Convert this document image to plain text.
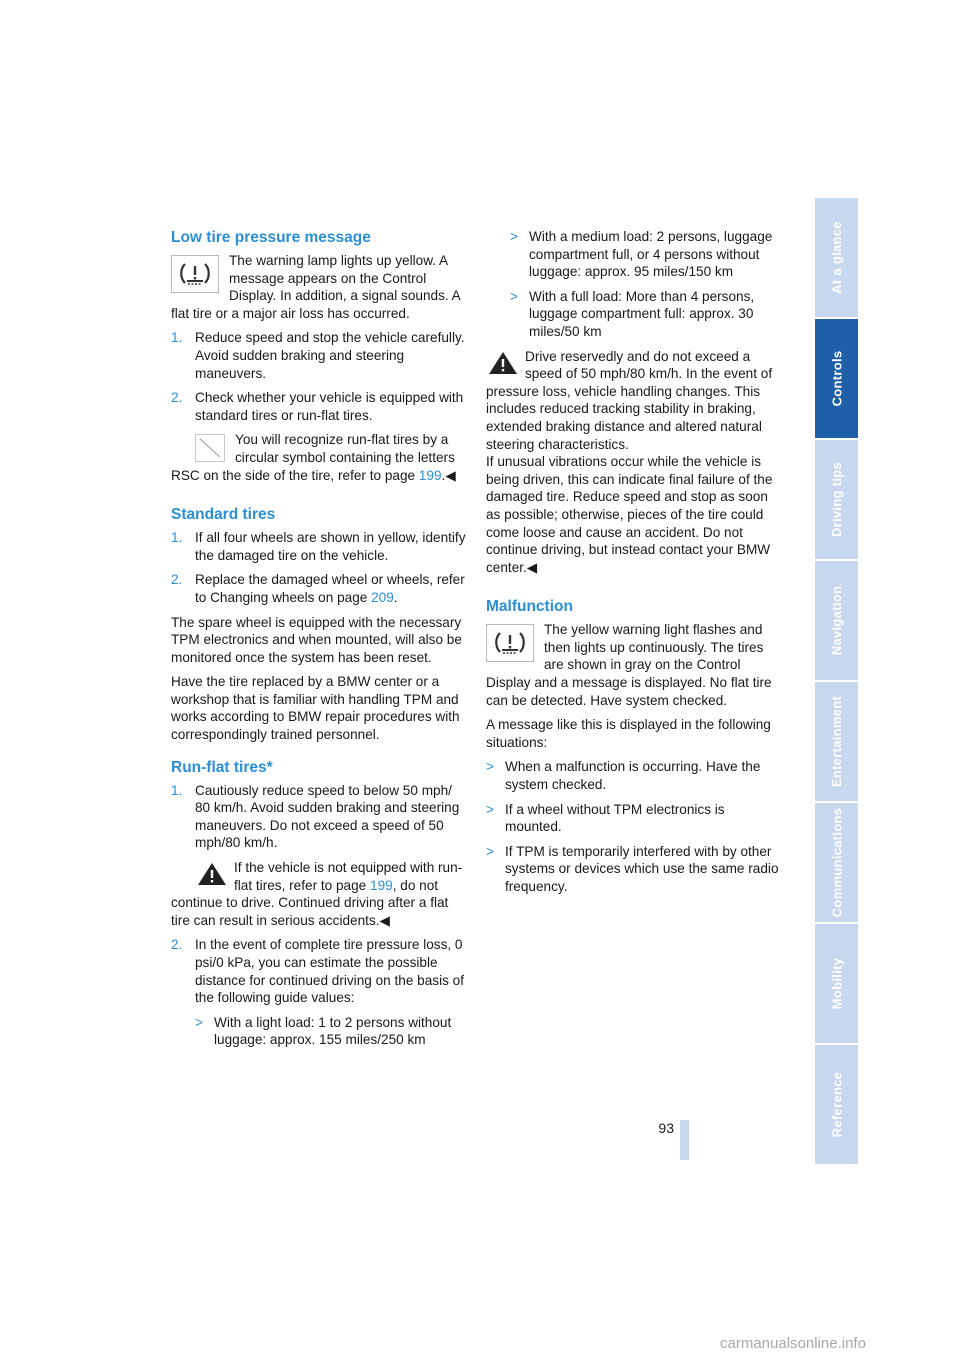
Low tire pressure message

The warning lamp lights up yellow. A message appears on the Control Display. In addition, a signal sounds. A flat tire or a major air loss has occurred.

1. Reduce speed and stop the vehicle carefully. Avoid sudden braking and steering maneuvers.
2. Check whether your vehicle is equipped with standard tires or run-flat tires.

You will recognize run-flat tires by a circular symbol containing the letters RSC on the side of the tire, refer to page 199.◀

Standard tires
1. If all four wheels are shown in yellow, identify the damaged tire on the vehicle.
2. Replace the damaged wheel or wheels, refer to Changing wheels on page 209.

The spare wheel is equipped with the necessary TPM electronics and when mounted, will also be monitored once the system has been reset.

Have the tire replaced by a BMW center or a workshop that is familiar with handling TPM and works according to BMW repair procedures with correspondingly trained personnel.

Run-flat tires*
1. Cautiously reduce speed to below 50 mph/ 80 km/h. Avoid sudden braking and steering maneuvers. Do not exceed a speed of 50 mph/80 km/h.

If the vehicle is not equipped with run-flat tires, refer to page 199, do not continue to drive. Continued driving after a flat tire can result in serious accidents.◀

2. In the event of complete tire pressure loss, 0 psi/0 kPa, you can estimate the possible distance for continued driving on the basis of the following guide values:
> With a light load: 1 to 2 persons without luggage: approx. 155 miles/250 km
> With a medium load: 2 persons, luggage compartment full, or 4 persons without luggage: approx. 95 miles/150 km
> With a full load: More than 4 persons, luggage compartment full: approx. 30 miles/50 km

Drive reservedly and do not exceed a speed of 50 mph/80 km/h. In the event of pressure loss, vehicle handling changes. This includes reduced tracking stability in braking, extended braking distance and altered natural steering characteristics.

If unusual vibrations occur while the vehicle is being driven, this can indicate final failure of the damaged tire. Reduce speed and stop as soon as possible; otherwise, pieces of the tire could come loose and cause an accident. Do not continue driving, but instead contact your BMW center.◀

Malfunction

The yellow warning light flashes and then lights up continuously. The tires are shown in gray on the Control Display and a message is displayed. No flat tire can be detected. Have system checked.

A message like this is displayed in the following situations:

> When a malfunction is occurring. Have the system checked.
> If a wheel without TPM electronics is mounted.
> If TPM is temporarily interfered with by other systems or devices which use the same radio frequency.
At a glance
Controls
Driving tips
Navigation
Entertainment
Communications
Mobility
Reference
93
carmanualsonline.info
